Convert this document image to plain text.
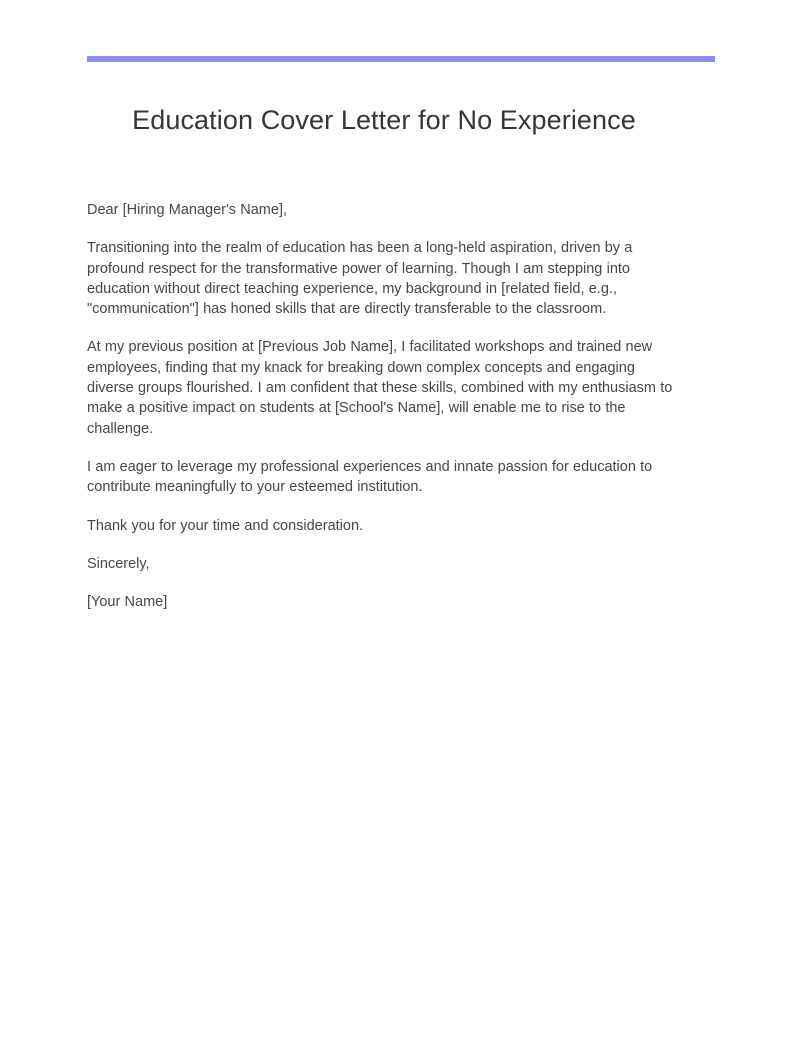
Education Cover Letter for No Experience

Dear [Hiring Manager's Name],

Transitioning into the realm of education has been a long-held aspiration, driven by a profound respect for the transformative power of learning. Though I am stepping into education without direct teaching experience, my background in [related field, e.g., "communication"] has honed skills that are directly transferable to the classroom.

At my previous position at [Previous Job Name], I facilitated workshops and trained new employees, finding that my knack for breaking down complex concepts and engaging diverse groups flourished. I am confident that these skills, combined with my enthusiasm to make a positive impact on students at [School's Name], will enable me to rise to the challenge.

I am eager to leverage my professional experiences and innate passion for education to contribute meaningfully to your esteemed institution.

Thank you for your time and consideration.

Sincerely,

[Your Name]
